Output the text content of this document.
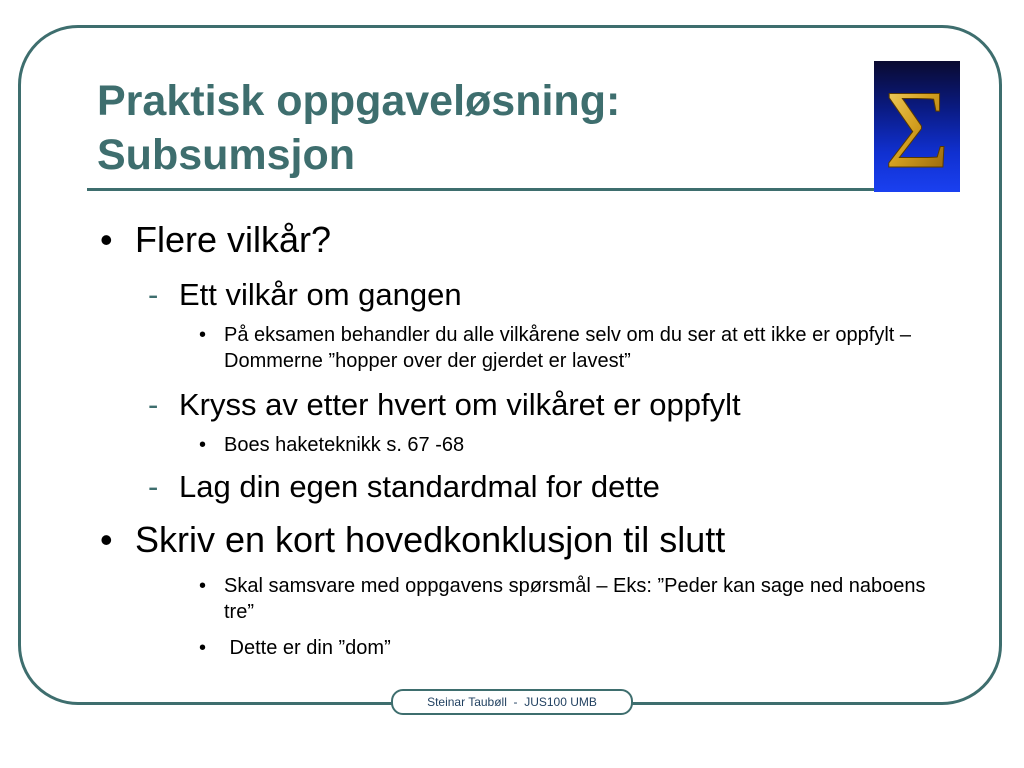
Praktisk oppgaveløsning:
Subsumsjon	Σ
• Flere vilkår?
- Ett vilkår om gangen
• På eksamen behandler du alle vilkårene selv om du ser at ett ikke er oppfylt – Dommerne ”hopper over der gjerdet er lavest”
- Kryss av etter hvert om vilkåret er oppfylt
• Boes haketeknikk s. 67 -68
- Lag din egen standardmal for dette
• Skriv en kort hovedkonklusjon til slutt
• Skal samsvare med oppgavens spørsmål – Eks: ”Peder kan sage ned naboens tre”
• Dette er din ”dom”
Steinar Taubøll  -  JUS100 UMB
